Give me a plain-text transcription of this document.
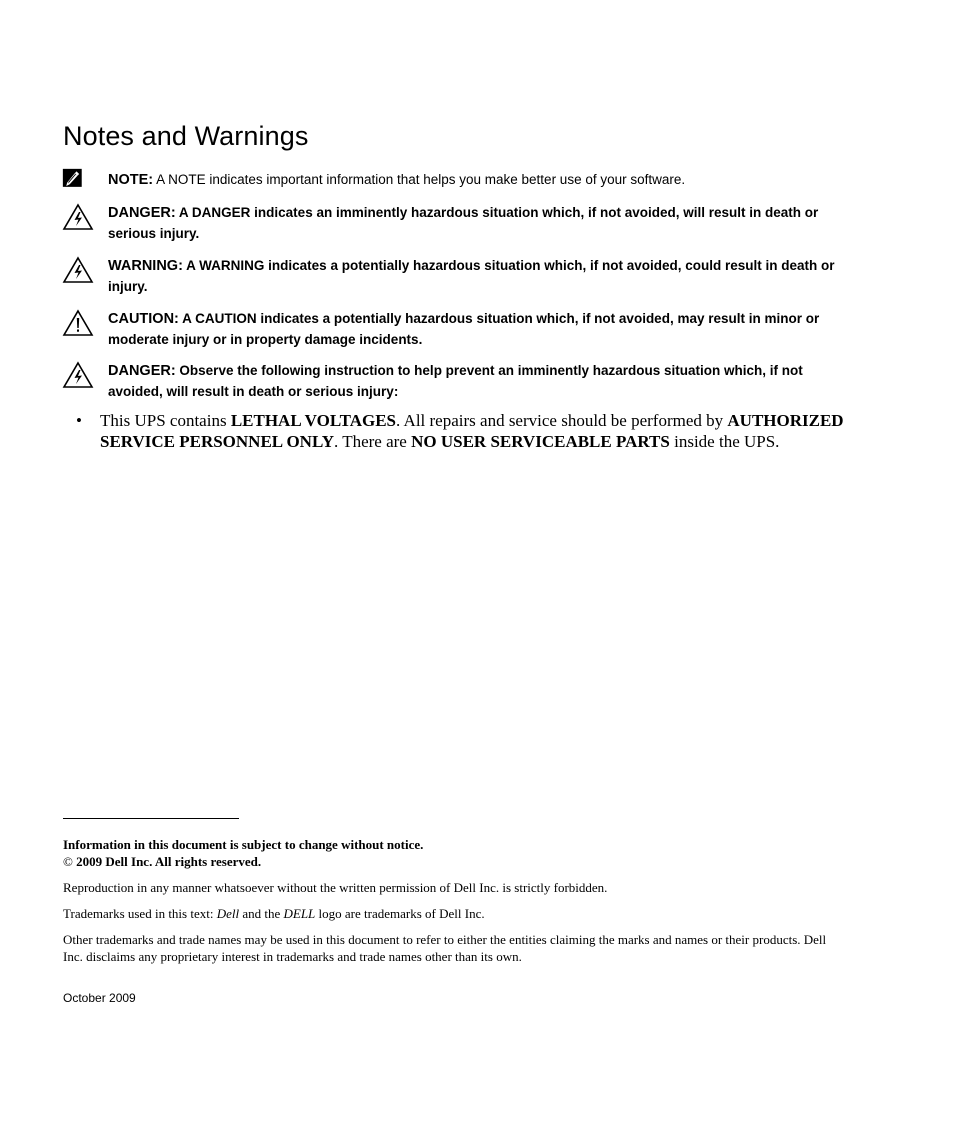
Notes and Warnings
NOTE: A NOTE indicates important information that helps you make better use of your software.
DANGER: A DANGER indicates an imminently hazardous situation which, if not avoided, will result in death or serious injury.
WARNING: A WARNING indicates a potentially hazardous situation which, if not avoided, could result in death or injury.
CAUTION: A CAUTION indicates a potentially hazardous situation which, if not avoided, may result in minor or moderate injury or in property damage incidents.
DANGER: Observe the following instruction to help prevent an imminently hazardous situation which, if not avoided, will result in death or serious injury:
• This UPS contains LETHAL VOLTAGES. All repairs and service should be performed by AUTHORIZED SERVICE PERSONNEL ONLY. There are NO USER SERVICEABLE PARTS inside the UPS.
Information in this document is subject to change without notice.
© 2009 Dell Inc. All rights reserved.
Reproduction in any manner whatsoever without the written permission of Dell Inc. is strictly forbidden.
Trademarks used in this text: Dell and the DELL logo are trademarks of Dell Inc.
Other trademarks and trade names may be used in this document to refer to either the entities claiming the marks and names or their products. Dell Inc. disclaims any proprietary interest in trademarks and trade names other than its own.
October 2009
